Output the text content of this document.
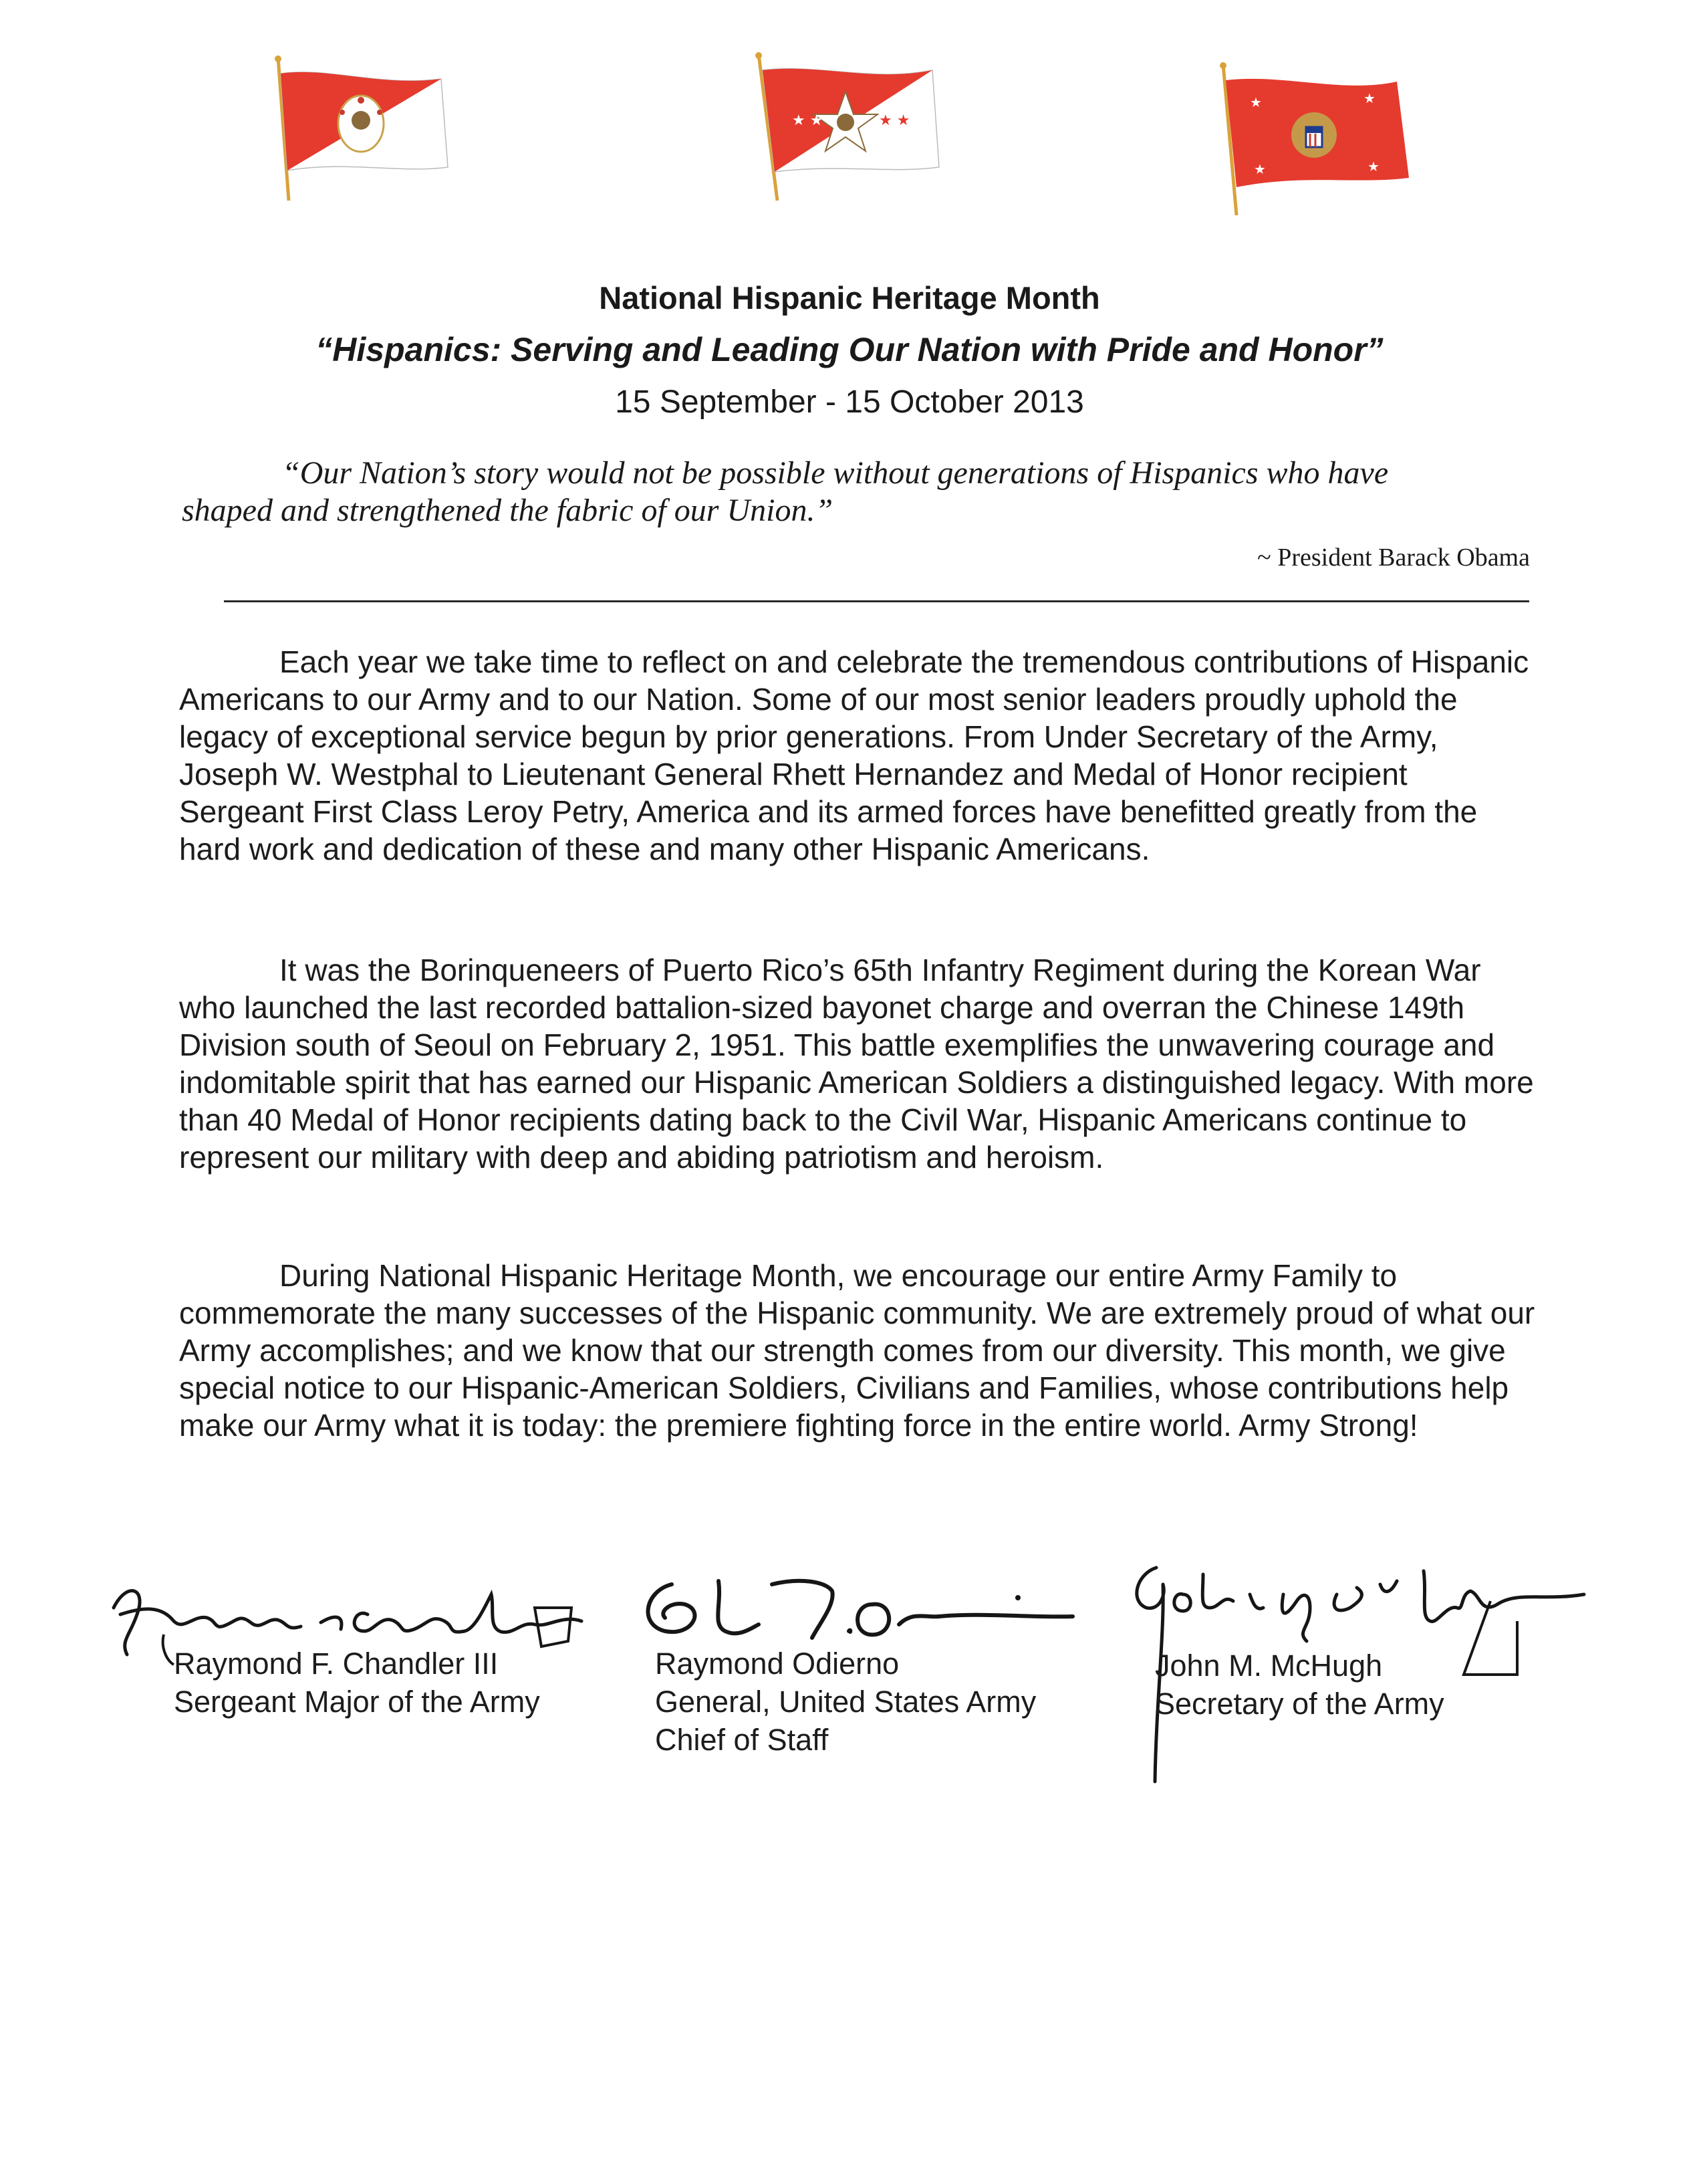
★ ★	★ ★
★	★
★	★
National Hispanic Heritage Month
“Hispanics: Serving and Leading Our Nation with Pride and Honor”
15 September - 15 October 2013
“Our Nation’s story would not be possible without generations of Hispanics who have
shaped and strengthened the fabric of our Union.”
~ President Barack Obama

Each year we take time to reflect on and celebrate the tremendous contributions of Hispanic Americans to our Army and to our Nation. Some of our most senior leaders proudly uphold the legacy of exceptional service begun by prior generations. From Under Secretary of the Army, Joseph W. Westphal to Lieutenant General Rhett Hernandez and Medal of Honor recipient Sergeant First Class Leroy Petry, America and its armed forces have benefitted greatly from the hard work and dedication of these and many other Hispanic Americans.

It was the Borinqueneers of Puerto Rico’s 65th Infantry Regiment during the Korean War who launched the last recorded battalion-sized bayonet charge and overran the Chinese 149th Division south of Seoul on February 2, 1951. This battle exemplifies the unwavering courage and indomitable spirit that has earned our Hispanic American Soldiers a distinguished legacy. With more than 40 Medal of Honor recipients dating back to the Civil War, Hispanic Americans continue to represent our military with deep and abiding patriotism and heroism.

During National Hispanic Heritage Month, we encourage our entire Army Family to commemorate the many successes of the Hispanic community. We are extremely proud of what our Army accomplishes; and we know that our strength comes from our diversity. This month, we give special notice to our Hispanic-American Soldiers, Civilians and Families, whose contributions help make our Army what it is today: the premiere fighting force in the entire world. Army Strong!

Raymond F. Chandler III
Sergeant Major of the Army
Raymond Odierno
General, United States Army
Chief of Staff
John M. McHugh
Secretary of the Army
